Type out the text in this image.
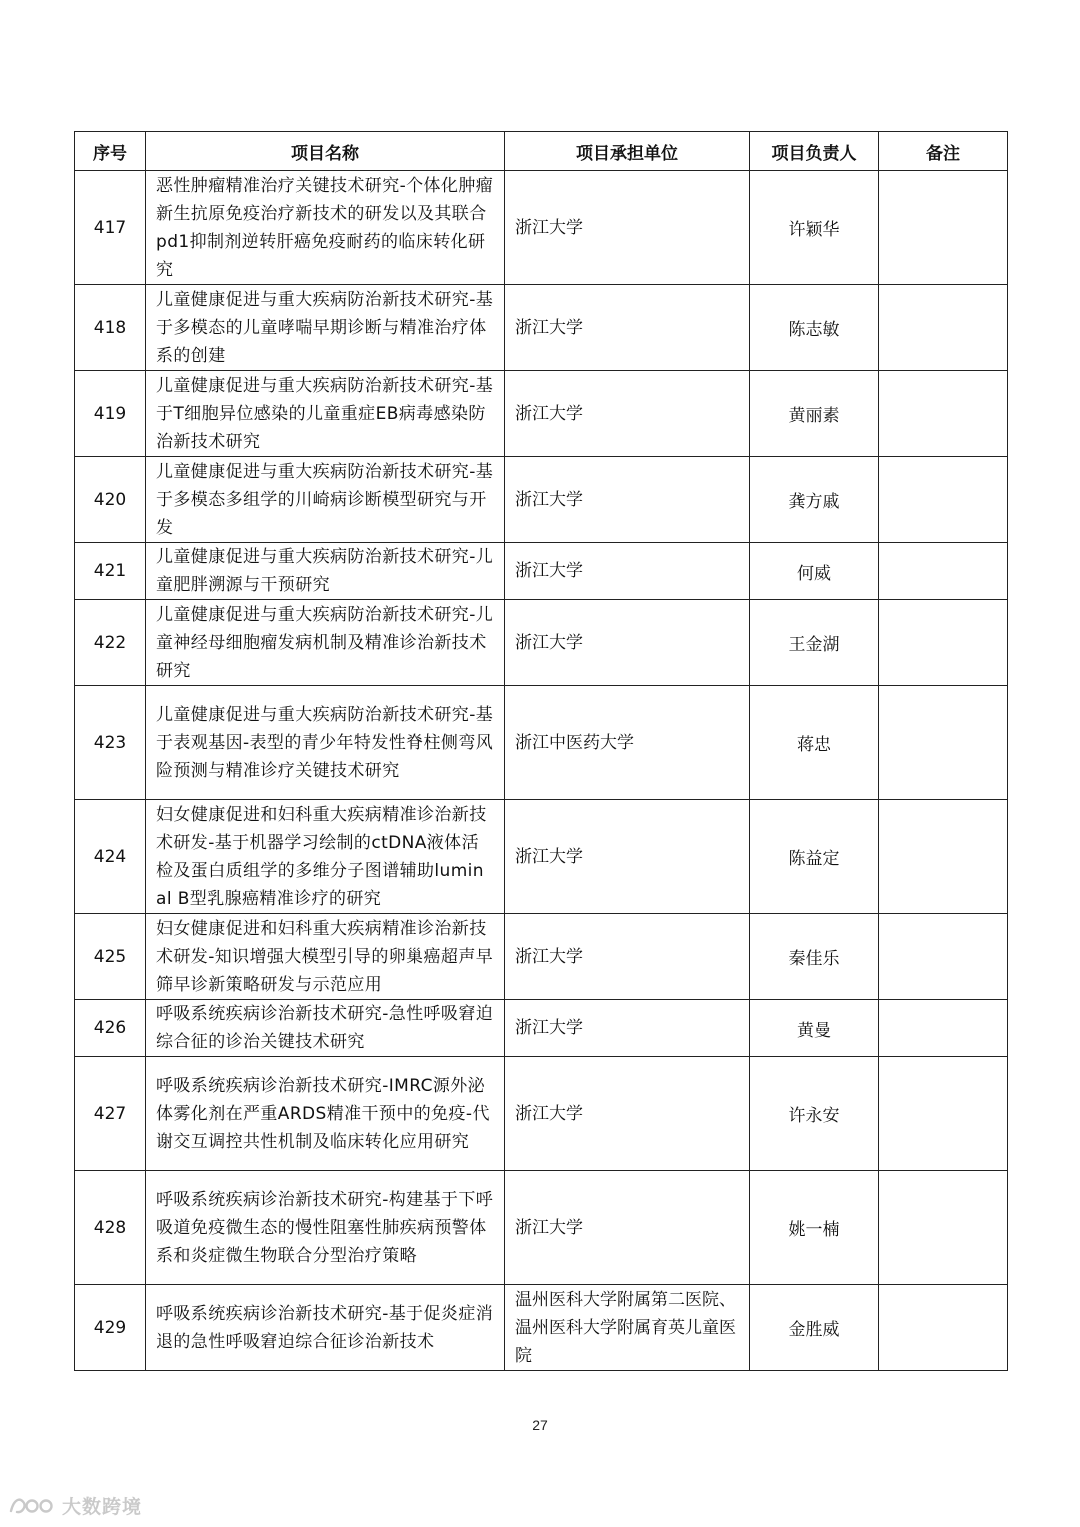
序号	项目名称	项目承担单位	项目负责人	备注
417	恶性肿瘤精准治疗关键技术研究-个体化肿瘤新生抗原免疫治疗新技术的研发以及其联合pd1抑制剂逆转肝癌免疫耐药的临床转化研究	浙江大学	许颖华	
418	儿童健康促进与重大疾病防治新技术研究-基于多模态的儿童哮喘早期诊断与精准治疗体系的创建	浙江大学	陈志敏	
419	儿童健康促进与重大疾病防治新技术研究-基于T细胞异位感染的儿童重症EB病毒感染防治新技术研究	浙江大学	黄丽素	
420	儿童健康促进与重大疾病防治新技术研究-基于多模态多组学的川崎病诊断模型研究与开发	浙江大学	龚方戚	
421	儿童健康促进与重大疾病防治新技术研究-儿童肥胖溯源与干预研究	浙江大学	何威	
422	儿童健康促进与重大疾病防治新技术研究-儿童神经母细胞瘤发病机制及精准诊治新技术研究	浙江大学	王金湖	
423	儿童健康促进与重大疾病防治新技术研究-基于表观基因-表型的青少年特发性脊柱侧弯风险预测与精准诊疗关键技术研究	浙江中医药大学	蒋忠	
424	妇女健康促进和妇科重大疾病精准诊治新技术研发-基于机器学习绘制的ctDNA液体活检及蛋白质组学的多维分子图谱辅助luminal B型乳腺癌精准诊疗的研究	浙江大学	陈益定	
425	妇女健康促进和妇科重大疾病精准诊治新技术研发-知识增强大模型引导的卵巢癌超声早筛早诊新策略研发与示范应用	浙江大学	秦佳乐	
426	呼吸系统疾病诊治新技术研究-急性呼吸窘迫综合征的诊治关键技术研究	浙江大学	黄曼	
427	呼吸系统疾病诊治新技术研究-IMRC源外泌体雾化剂在严重ARDS精准干预中的免疫-代谢交互调控共性机制及临床转化应用研究	浙江大学	许永安	
428	呼吸系统疾病诊治新技术研究-构建基于下呼吸道免疫微生态的慢性阻塞性肺疾病预警体系和炎症微生物联合分型治疗策略	浙江大学	姚一楠	
429	呼吸系统疾病诊治新技术研究-基于促炎症消退的急性呼吸窘迫综合征诊治新技术	温州医科大学附属第二医院、温州医科大学附属育英儿童医院	金胜威	
27
大数跨境
